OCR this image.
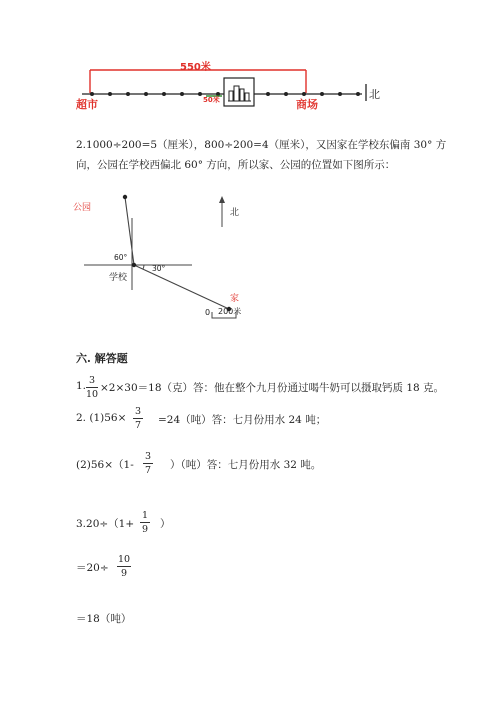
550米
超市	50米	商场
北
2.1000÷200=5（厘米），800÷200=4（厘米），又因家在学校东偏南 30° 方
向，公园在学校西偏北 60° 方向，所以家、公园的位置如下图所示：
公园	北
60°
30°
学校
家
0 200米
六. 解答题
1. 3
10
×2×30＝18（克）答：他在整个九月份通过喝牛奶可以摄取钙质 18 克。
2. (1)56×
3
7 =24（吨）答：七月份用水 24 吨；
(2)56×（1-
3
7 ）（吨）答：七月份用水 32 吨。
3.20÷（1+
1
9 ）
＝20÷
10
9
＝18（吨）
